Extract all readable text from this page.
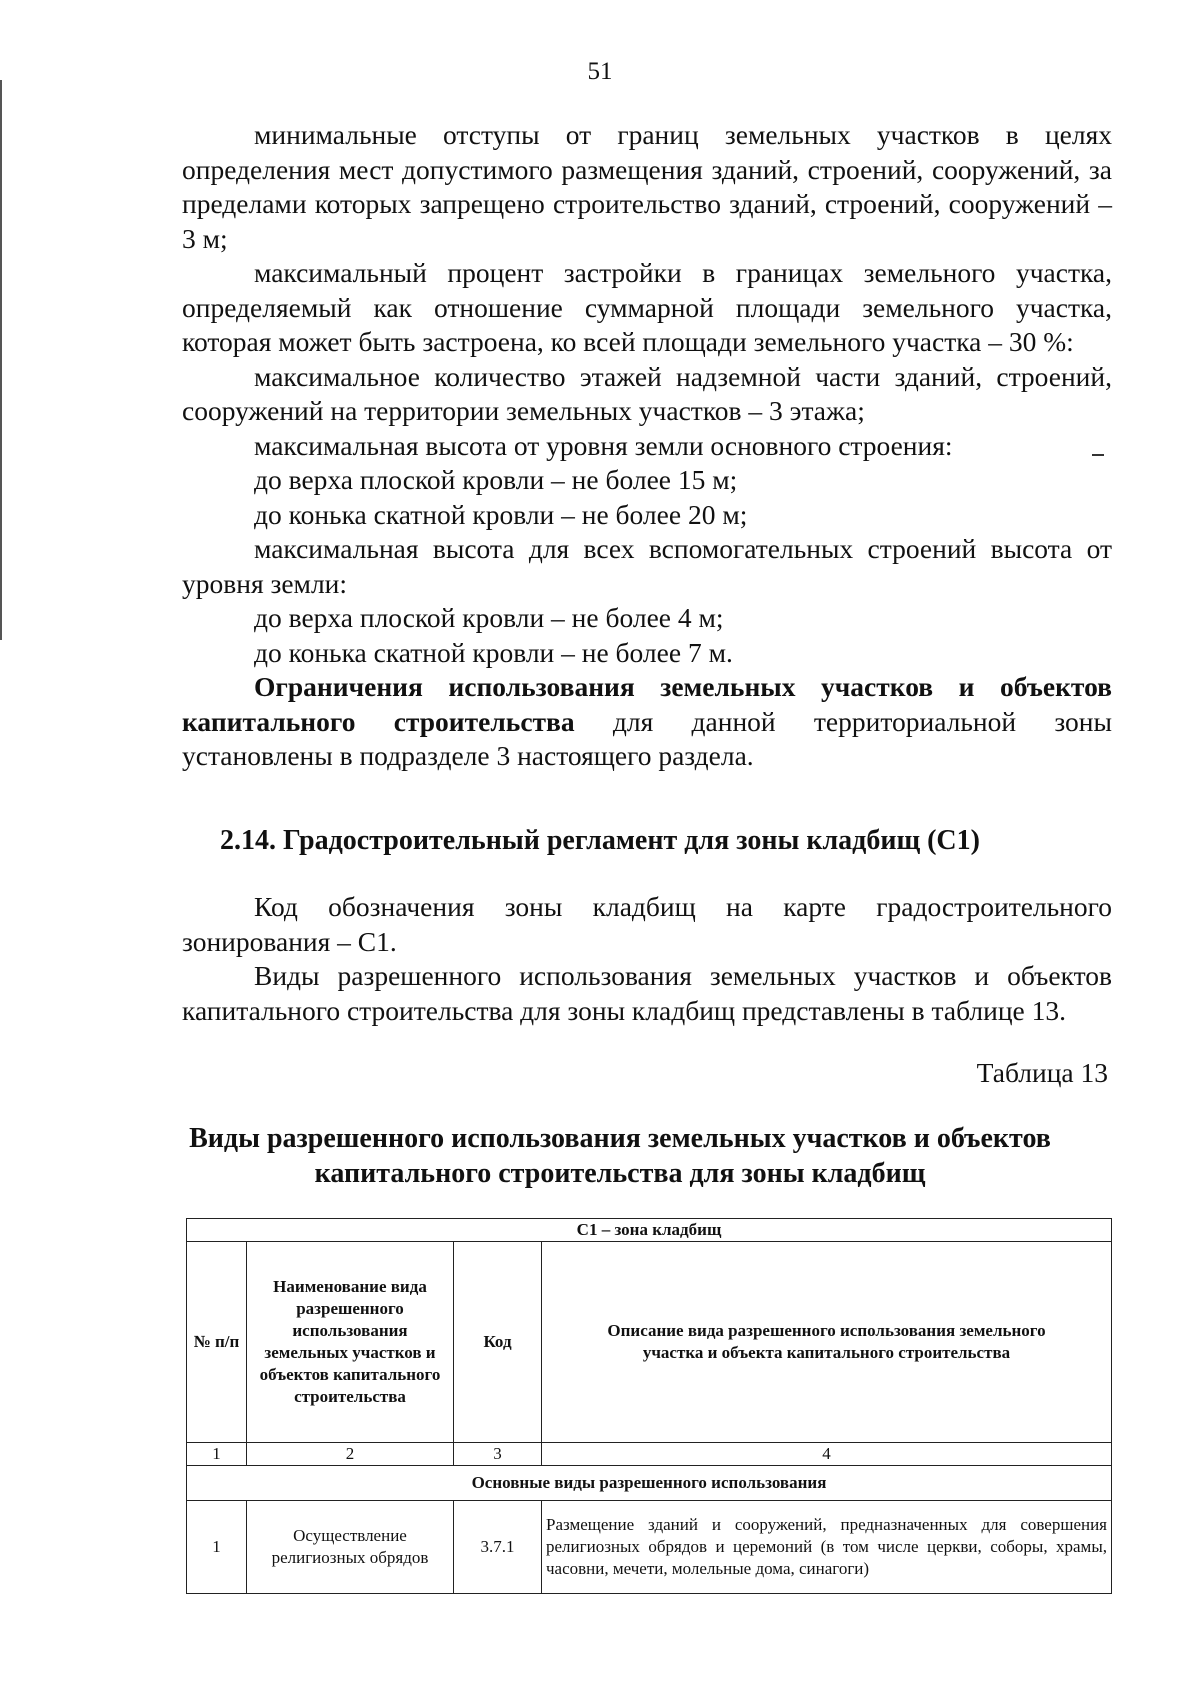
51

минимальные отступы от границ земельных участков в целях определения мест допустимого размещения зданий, строений, сооружений, за пределами которых запрещено строительство зданий, строений, сооружений – 3 м;

максимальный процент застройки в границах земельного участка, определяемый как отношение суммарной площади земельного участка, которая может быть застроена, ко всей площади земельного участка – 30 %:

максимальное количество этажей надземной части зданий, строений, сооружений на территории земельных участков – 3 этажа;

максимальная высота от уровня земли основного строения:

до верха плоской кровли – не более 15 м;

до конька скатной кровли – не более 20 м;

максимальная высота для всех вспомогательных строений высота от уровня земли:

до верха плоской кровли – не более 4 м;

до конька скатной кровли – не более 7 м.

Ограничения использования земельных участков и объектов капитального строительства для данной территориальной зоны установлены в подразделе 3 настоящего раздела.

2.14. Градостроительный регламент для зоны кладбищ (С1)

Код обозначения зоны кладбищ на карте градостроительного зонирования – С1.

Виды разрешенного использования земельных участков и объектов капитального строительства для зоны кладбищ представлены в таблице 13.

Таблица 13
Виды разрешенного использования земельных участков и объектов
капитального строительства для зоны кладбищ
С1 – зона кладбищ			
№ п/п	Наименование вида разрешенного использования земельных участков и объектов капитального строительства	Код	Описание вида разрешенного использования земельного участка и объекта капитального строительства
1	2	3	4
Основные виды разрешенного использования			
1	Осуществление религиозных обрядов	3.7.1	Размещение зданий и сооружений, предназначенных для совершения религиозных обрядов и церемоний (в том числе церкви, соборы, храмы, часовни, мечети, молельные дома, синагоги)
